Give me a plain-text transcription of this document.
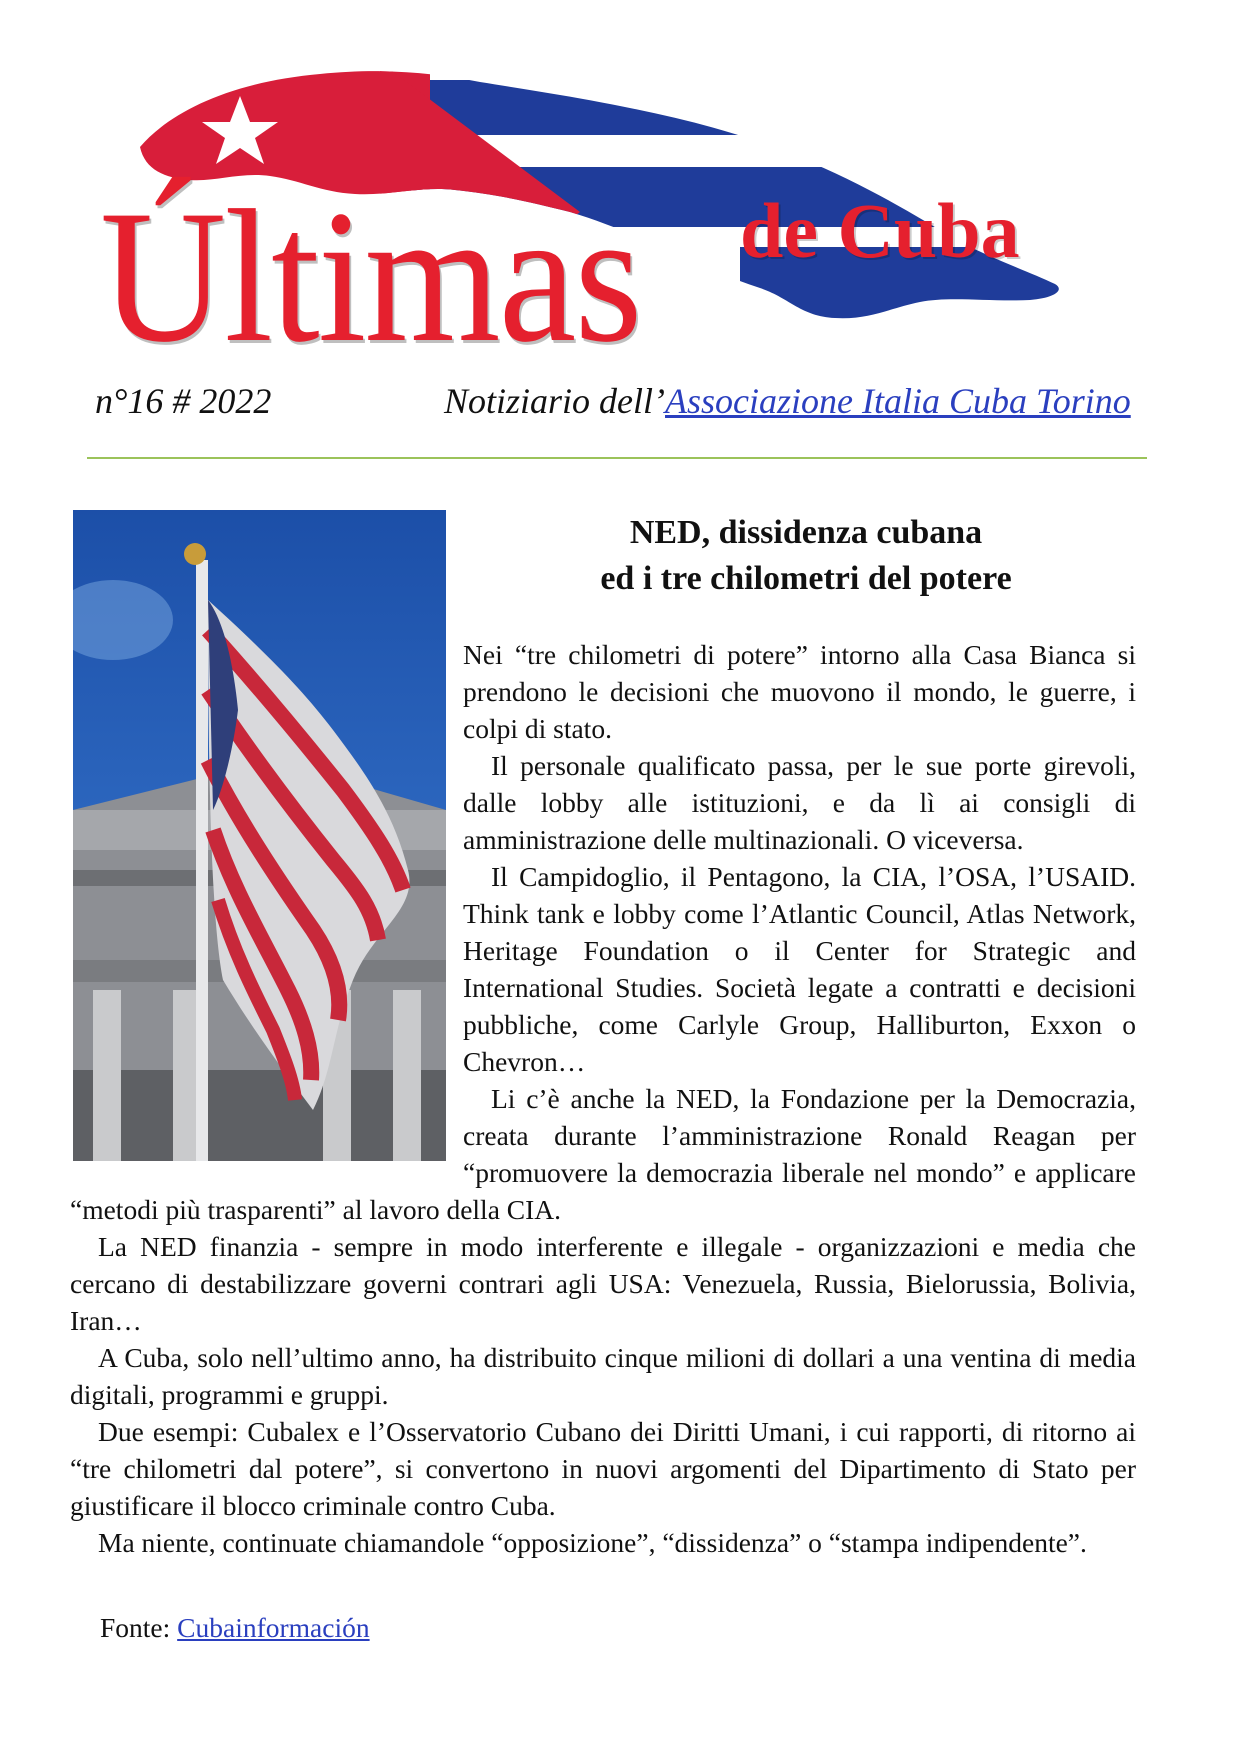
Últimas de Cuba
n°16 # 2022	Notiziario dell’Associazione Italia Cuba Torino
NED, dissidenza cubana
ed i tre chilometri del potere

Nei “tre chilometri di potere” intorno alla Casa Bianca si prendono le decisioni che muovono il mondo, le guerre, i colpi di stato.

Il personale qualificato passa, per le sue porte girevoli, dalle lobby alle istituzioni, e da lì ai consigli di amministrazione delle multinazionali. O viceversa.

Il Campidoglio, il Pentagono, la CIA, l’OSA, l’USAID. Think tank e lobby come l’Atlantic Council, Atlas Network, Heritage Foundation o il Center for Strategic and International Studies. Società legate a contratti e decisioni pubbliche, come Carlyle Group, Halliburton, Exxon o Chevron…

Li c’è anche la NED, la Fondazione per la Democrazia, creata durante l’amministrazione Ronald Reagan per “promuovere la democrazia liberale nel mondo” e applicare “metodi più trasparenti” al lavoro della CIA.

La NED finanzia - sempre in modo interferente e illegale - organizzazioni e media che cercano di destabilizzare governi contrari agli USA: Venezuela, Russia, Bielorussia, Bolivia, Iran…

A Cuba, solo nell’ultimo anno, ha distribuito cinque milioni di dollari a una ventina di media digitali, programmi e gruppi.

Due esempi: Cubalex e l’Osservatorio Cubano dei Diritti Umani, i cui rapporti, di ritorno ai “tre chilometri dal potere”, si convertono in nuovi argomenti del Dipartimento di Stato per giustificare il blocco criminale contro Cuba.

Ma niente, continuate chiamandole “opposizione”, “dissidenza” o “stampa indipendente”.

Fonte: Cubainformación
